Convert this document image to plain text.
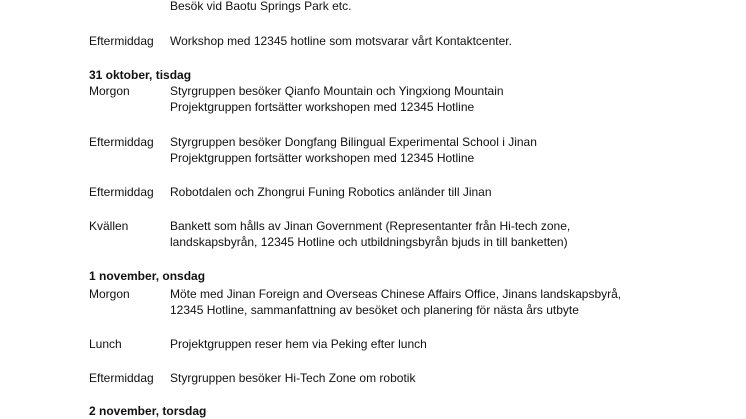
Besök vid Baotu Springs Park etc.
Eftermiddag Workshop med 12345 hotline som motsvarar vårt Kontaktcenter.
31 oktober, tisdag
Morgon	Styrgruppen besöker Qianfo Mountain och Yingxiong Mountain
Projektgruppen fortsätter workshopen med 12345 Hotline
Eftermiddag Styrgruppen besöker Dongfang Bilingual Experimental School i Jinan
Projektgruppen fortsätter workshopen med 12345 Hotline
Eftermiddag Robotdalen och Zhongrui Funing Robotics anländer till Jinan
Kvällen	Bankett som hålls av Jinan Government (Representanter från Hi-tech zone,
landskapsbyrån, 12345 Hotline och utbildningsbyrån bjuds in till banketten)
1 november, onsdag
Morgon	Möte med Jinan Foreign and Overseas Chinese Affairs Office, Jinans landskapsbyrå,
12345 Hotline, sammanfattning av besöket och planering för nästa års utbyte
Lunch	Projektgruppen reser hem via Peking efter lunch
Eftermiddag Styrgruppen besöker Hi-Tech Zone om robotik
2 november, torsdag
